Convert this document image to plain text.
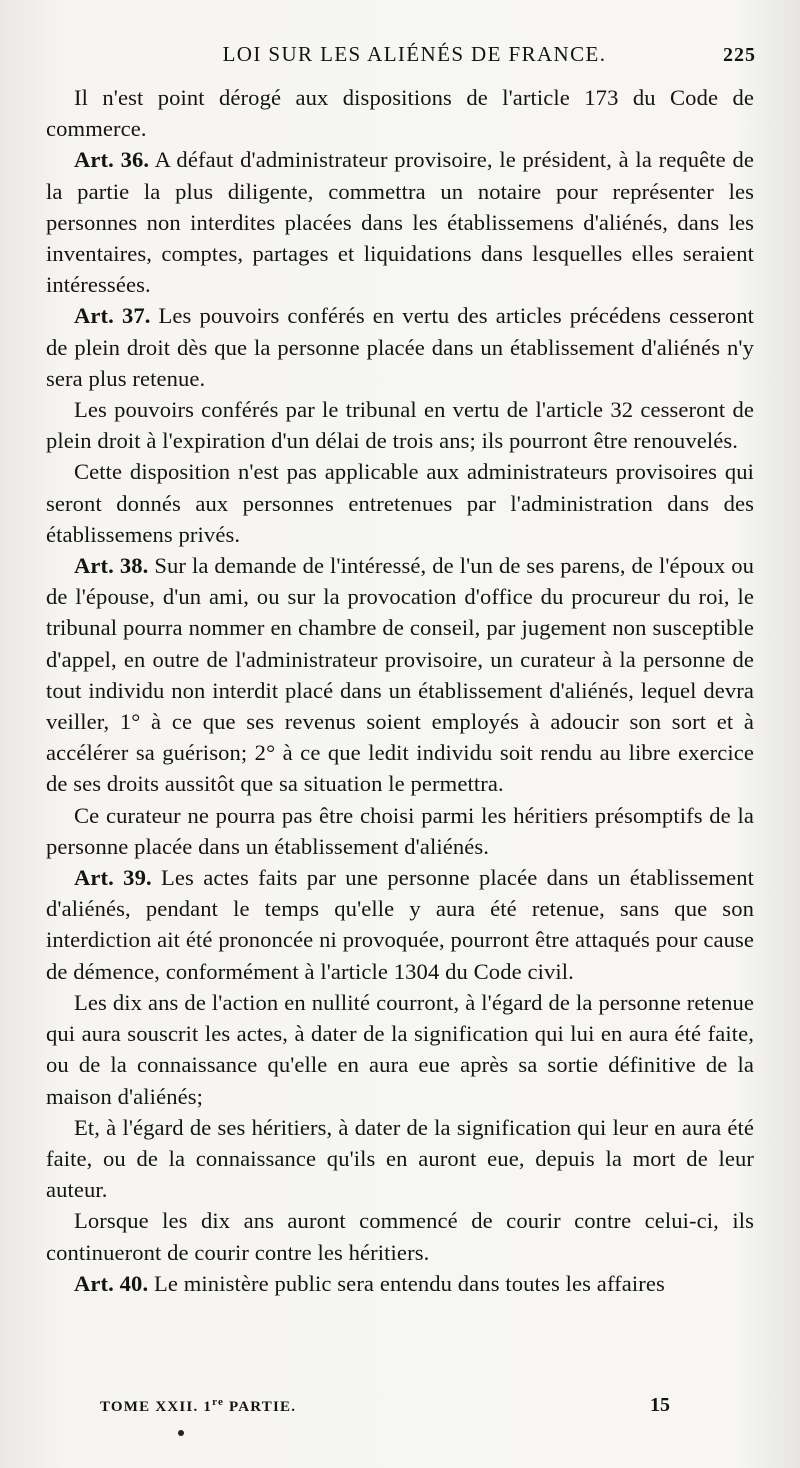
LOI SUR LES ALIÉNÉS DE FRANCE.	225

Il n'est point dérogé aux dispositions de l'article 173 du Code de commerce.

Art. 36. A défaut d'administrateur provisoire, le président, à la requête de la partie la plus diligente, commettra un notaire pour représenter les personnes non interdites placées dans les établissemens d'aliénés, dans les inventaires, comptes, partages et liquidations dans lesquelles elles seraient intéressées.

Art. 37. Les pouvoirs conférés en vertu des articles précédens cesseront de plein droit dès que la personne placée dans un établissement d'aliénés n'y sera plus retenue.

Les pouvoirs conférés par le tribunal en vertu de l'article 32 cesseront de plein droit à l'expiration d'un délai de trois ans; ils pourront être renouvelés.

Cette disposition n'est pas applicable aux administrateurs provisoires qui seront donnés aux personnes entretenues par l'administration dans des établissemens privés.

Art. 38. Sur la demande de l'intéressé, de l'un de ses parens, de l'époux ou de l'épouse, d'un ami, ou sur la provocation d'office du procureur du roi, le tribunal pourra nommer en chambre de conseil, par jugement non susceptible d'appel, en outre de l'administrateur provisoire, un curateur à la personne de tout individu non interdit placé dans un établissement d'aliénés, lequel devra veiller, 1° à ce que ses revenus soient employés à adoucir son sort et à accélérer sa guérison; 2° à ce que ledit individu soit rendu au libre exercice de ses droits aussitôt que sa situation le permettra.

Ce curateur ne pourra pas être choisi parmi les héritiers présomptifs de la personne placée dans un établissement d'aliénés.

Art. 39. Les actes faits par une personne placée dans un établissement d'aliénés, pendant le temps qu'elle y aura été retenue, sans que son interdiction ait été prononcée ni provoquée, pourront être attaqués pour cause de démence, conformément à l'article 1304 du Code civil.

Les dix ans de l'action en nullité courront, à l'égard de la personne retenue qui aura souscrit les actes, à dater de la signification qui lui en aura été faite, ou de la connaissance qu'elle en aura eue après sa sortie définitive de la maison d'aliénés;

Et, à l'égard de ses héritiers, à dater de la signification qui leur en aura été faite, ou de la connaissance qu'ils en auront eue, depuis la mort de leur auteur.

Lorsque les dix ans auront commencé de courir contre celui-ci, ils continueront de courir contre les héritiers.

Art. 40. Le ministère public sera entendu dans toutes les affaires

TOME XXII. 1re PARTIE.	15
